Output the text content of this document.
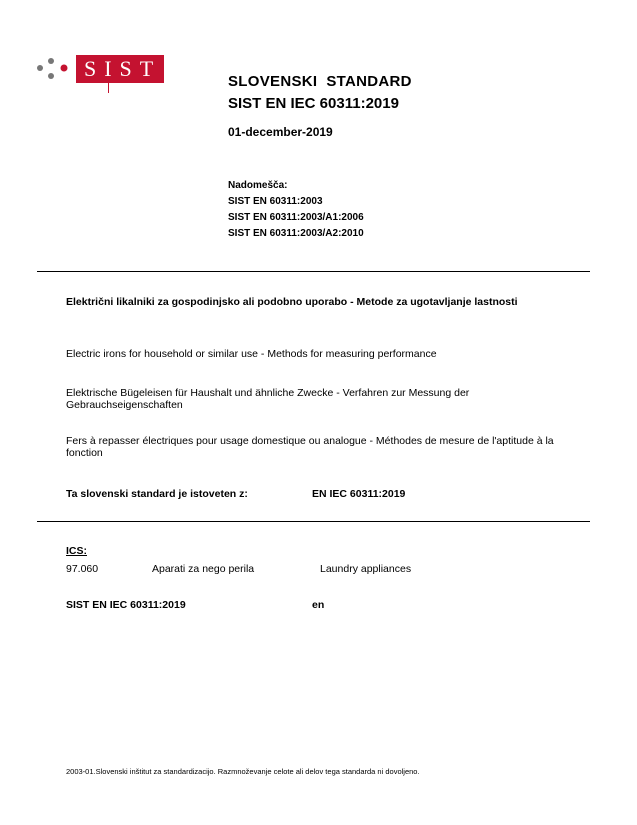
SIST
SLOVENSKI  STANDARD
SIST EN IEC 60311:2019
01-december-2019
Nadomešča:
SIST EN 60311:2003
SIST EN 60311:2003/A1:2006
SIST EN 60311:2003/A2:2010
Električni likalniki za gospodinjsko ali podobno uporabo - Metode za ugotavljanje lastnosti
Electric irons for household or similar use - Methods for measuring performance
Elektrische Bügeleisen für Haushalt und ähnliche Zwecke - Verfahren zur Messung der Gebrauchseigenschaften
Fers à repasser électriques pour usage domestique ou analogue - Méthodes de mesure de l'aptitude à la fonction
Ta slovenski standard je istoveten z:	EN IEC 60311:2019
ICS:
97.060	Aparati za nego perila	Laundry appliances
SIST EN IEC 60311:2019	en
2003-01.Slovenski inštitut za standardizacijo. Razmnoževanje celote ali delov tega standarda ni dovoljeno.
